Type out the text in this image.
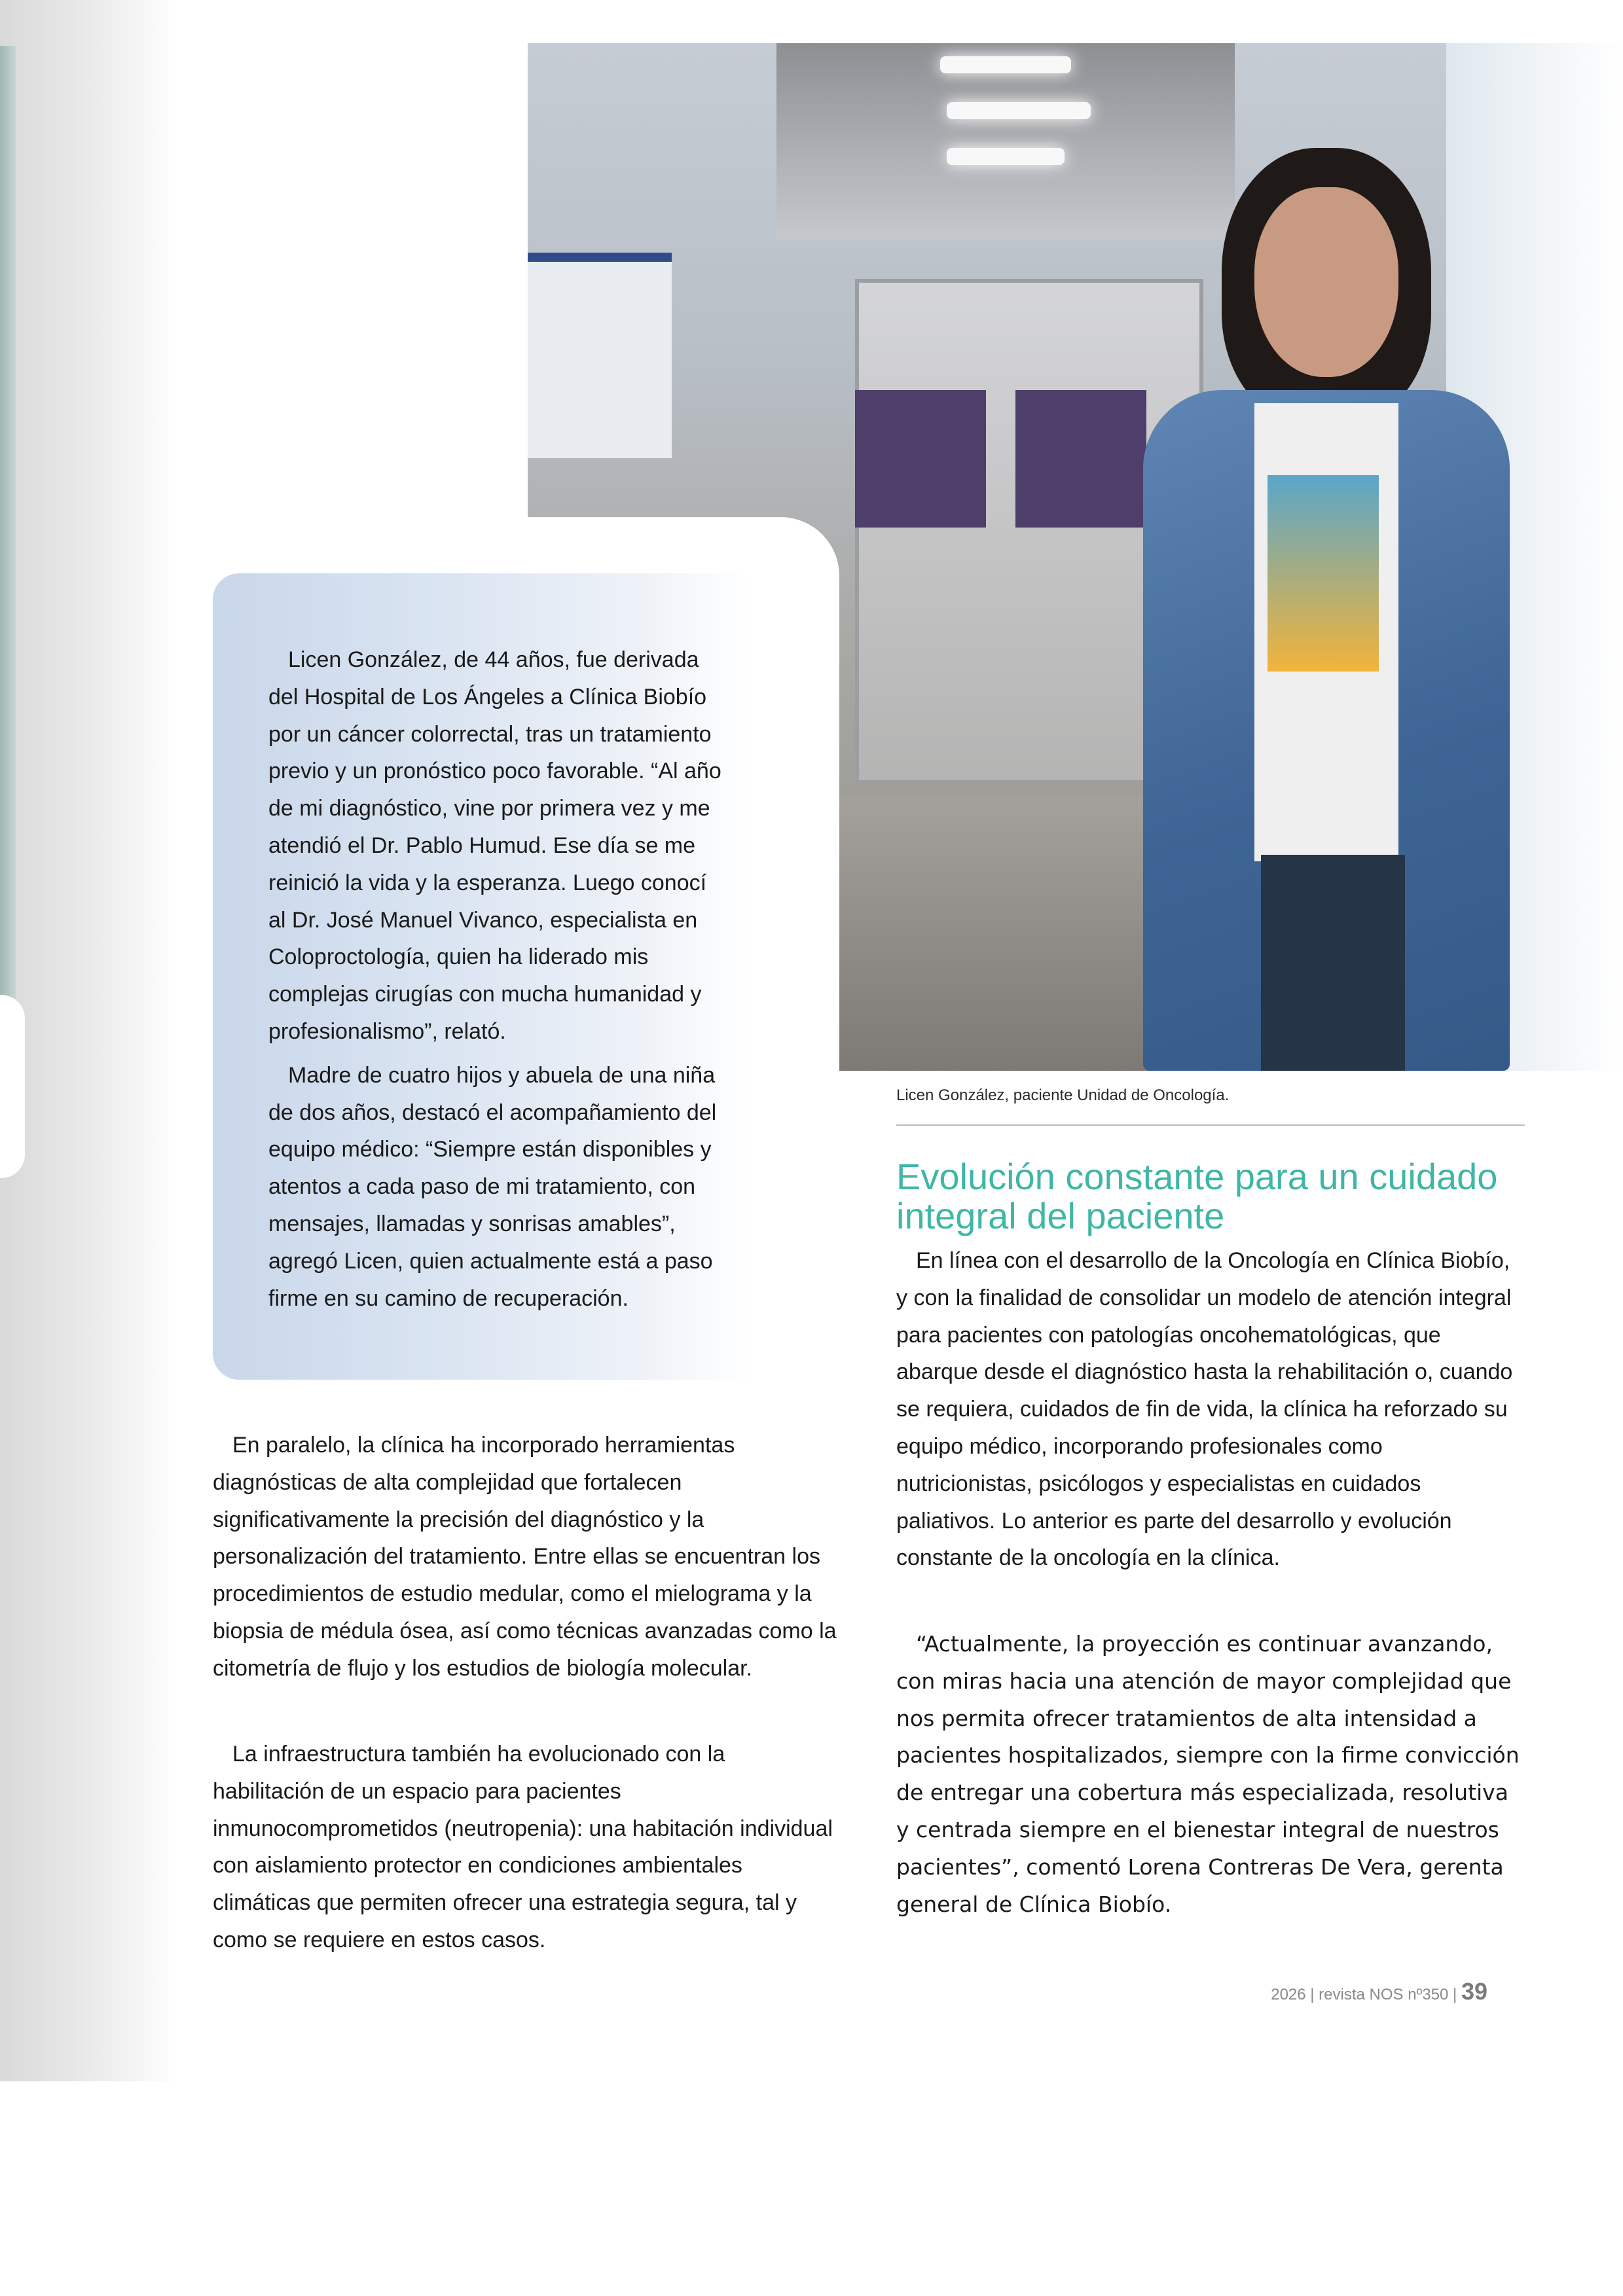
Licen González, de 44 años, fue derivada del Hospital de Los Ángeles a Clínica Biobío por un cáncer colorrectal, tras un tratamiento previo y un pronóstico poco favorable. “Al año de mi diagnóstico, vine por primera vez y me atendió el Dr. Pablo Humud. Ese día se me reinició la vida y la esperanza. Luego conocí al Dr. José Manuel Vivanco, especialista en Coloproctología, quien ha liderado mis complejas cirugías con mucha humanidad y profesionalismo”, relató.

Madre de cuatro hijos y abuela de una niña de dos años, destacó el acompañamiento del equipo médico: “Siempre están disponibles y atentos a cada paso de mi tratamiento, con mensajes, llamadas y sonrisas amables”, agregó Licen, quien actualmente está a paso firme en su camino de recuperación.

Licen González, paciente Unidad de Oncología.
Evolución constante para un cuidado integral del paciente

En paralelo, la clínica ha incorporado herramientas diagnósticas de alta complejidad que fortalecen significativamente la precisión del diagnóstico y la personalización del tratamiento. Entre ellas se encuentran los procedimientos de estudio medular, como el mielograma y la biopsia de médula ósea, así como técnicas avanzadas como la citometría de flujo y los estudios de biología molecular.

La infraestructura también ha evolucionado con la habilitación de un espacio para pacientes inmunocomprometidos (neutropenia): una habitación individual con aislamiento protector en condiciones ambientales climáticas que permiten ofrecer una estrategia segura, tal y como se requiere en estos casos.

En línea con el desarrollo de la Oncología en Clínica Biobío, y con la finalidad de consolidar un modelo de atención integral para pacientes con patologías oncohematológicas, que abarque desde el diagnóstico hasta la rehabilitación o, cuando se requiera, cuidados de fin de vida, la clínica ha reforzado su equipo médico, incorporando profesionales como nutricionistas, psicólogos y especialistas en cuidados paliativos. Lo anterior es parte del desarrollo y evolución constante de la oncología en la clínica.

“Actualmente, la proyección es continuar avanzando, con miras hacia una atención de mayor complejidad que nos permita ofrecer tratamientos de alta intensidad a pacientes hospitalizados, siempre con la firme convicción de entregar una cobertura más especializada, resolutiva y centrada siempre en el bienestar integral de nuestros pacientes”, comentó Lorena Contreras De Vera, gerenta general de Clínica Biobío.

2026 | revista NOS nº350 | 39
